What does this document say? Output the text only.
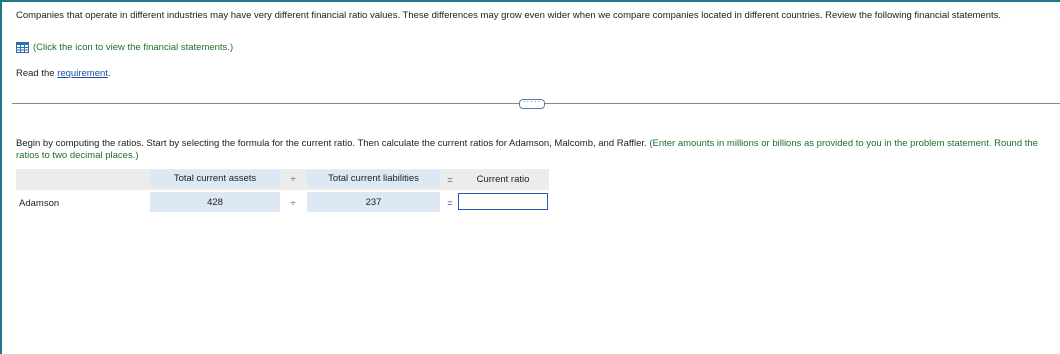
Companies that operate in different industries may have very different financial ratio values. These differences may grow even wider when we compare companies located in different countries. Review the following financial statements.
(Click the icon to view the financial statements.)
Read the requirement.
·····
Begin by computing the ratios. Start by selecting the formula for the current ratio. Then calculate the current ratios for Adamson, Malcomb, and Raffler. (Enter amounts in millions or billions as provided to you in the problem statement. Round the ratios to two decimal places.)
Total current assets	÷	Total current liabilities	=	Current ratio
Adamson	428	÷	237	=
